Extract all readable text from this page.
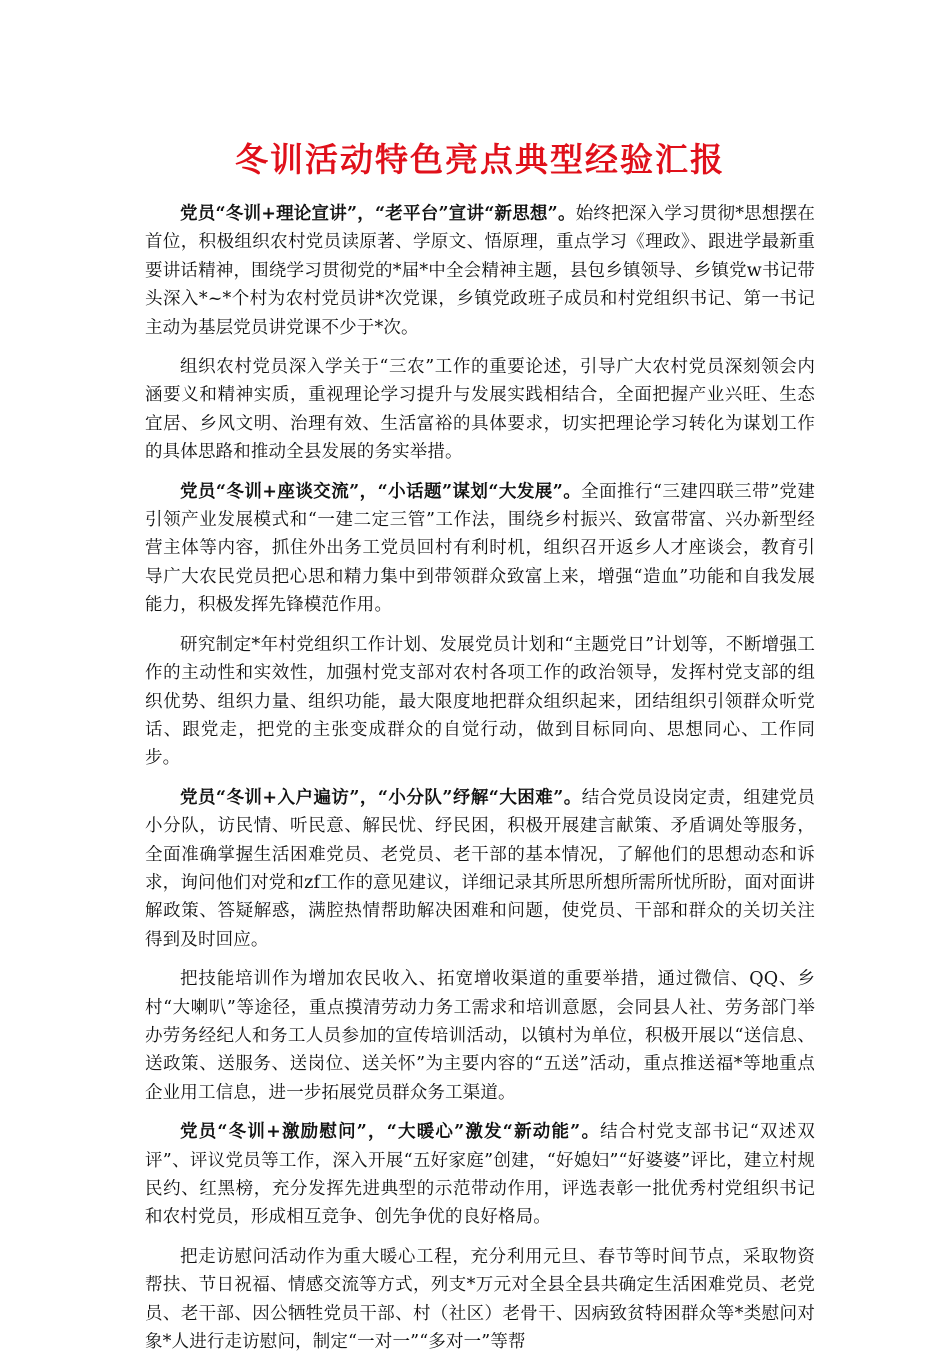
冬训活动特色亮点典型经验汇报

党员“冬训+理论宣讲”，“老平台”宣讲“新思想”。始终把深入学习贯彻*思想摆在首位，积极组织农村党员读原著、学原文、悟原理，重点学习《理政》、跟进学最新重要讲话精神，围绕学习贯彻党的*届*中全会精神主题，县包乡镇领导、乡镇党w书记带头深入*~*个村为农村党员讲*次党课，乡镇党政班子成员和村党组织书记、第一书记主动为基层党员讲党课不少于*次。

组织农村党员深入学关于“三农”工作的重要论述，引导广大农村党员深刻领会内涵要义和精神实质，重视理论学习提升与发展实践相结合，全面把握产业兴旺、生态宜居、乡风文明、治理有效、生活富裕的具体要求，切实把理论学习转化为谋划工作的具体思路和推动全县发展的务实举措。

党员“冬训+座谈交流”，“小话题”谋划“大发展”。全面推行“三建四联三带”党建引领产业发展模式和“一建二定三管”工作法，围绕乡村振兴、致富带富、兴办新型经营主体等内容，抓住外出务工党员回村有利时机，组织召开返乡人才座谈会，教育引导广大农民党员把心思和精力集中到带领群众致富上来，增强“造血”功能和自我发展能力，积极发挥先锋模范作用。

研究制定*年村党组织工作计划、发展党员计划和“主题党日”计划等，不断增强工作的主动性和实效性，加强村党支部对农村各项工作的政治领导，发挥村党支部的组织优势、组织力量、组织功能，最大限度地把群众组织起来，团结组织引领群众听党话、跟党走，把党的主张变成群众的自觉行动，做到目标同向、思想同心、工作同步。

党员“冬训+入户遍访”，“小分队”纾解“大困难”。结合党员设岗定责，组建党员小分队，访民情、听民意、解民忧、纾民困，积极开展建言献策、矛盾调处等服务，全面准确掌握生活困难党员、老党员、老干部的基本情况，了解他们的思想动态和诉求，询问他们对党和zf工作的意见建议，详细记录其所思所想所需所忧所盼，面对面讲解政策、答疑解惑，满腔热情帮助解决困难和问题，使党员、干部和群众的关切关注得到及时回应。

把技能培训作为增加农民收入、拓宽增收渠道的重要举措，通过微信、QQ、乡村“大喇叭”等途径，重点摸清劳动力务工需求和培训意愿，会同县人社、劳务部门举办劳务经纪人和务工人员参加的宣传培训活动，以镇村为单位，积极开展以“送信息、送政策、送服务、送岗位、送关怀”为主要内容的“五送”活动，重点推送福*等地重点企业用工信息，进一步拓展党员群众务工渠道。

党员“冬训+激励慰问”，“大暖心”激发“新动能”。结合村党支部书记“双述双评”、评议党员等工作，深入开展“五好家庭”创建，“好媳妇”“好婆婆”评比，建立村规民约、红黑榜，充分发挥先进典型的示范带动作用，评选表彰一批优秀村党组织书记和农村党员，形成相互竞争、创先争优的良好格局。

把走访慰问活动作为重大暖心工程，充分利用元旦、春节等时间节点，采取物资帮扶、节日祝福、情感交流等方式，列支*万元对全县全县共确定生活困难党员、老党员、老干部、因公牺牲党员干部、村（社区）老骨干、因病致贫特困群众等*类慰问对象*人进行走访慰问，制定“一对一”“多对一”等帮
